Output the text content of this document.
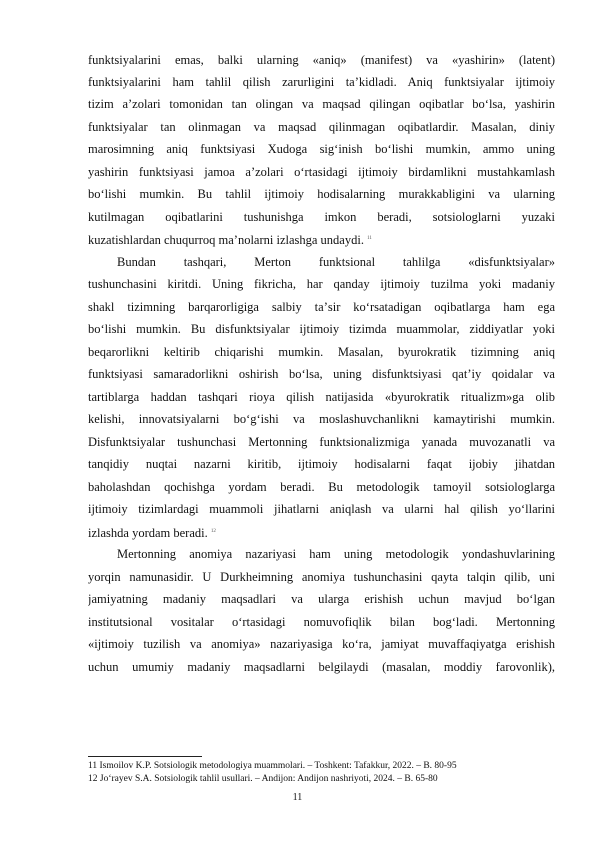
funktsiyalarini emas, balki ularning «aniq» (manifest) va «yashirin» (latent)
funktsiyalarini ham tahlil qilish zarurligini taʼkidladi. Aniq funktsiyalar ijtimoiy
tizim aʼzolari tomonidan tan olingan va maqsad qilingan oqibatlar boʻlsa, yashirin
funktsiyalar tan olinmagan va maqsad qilinmagan oqibatlardir. Masalan, diniy
marosimning aniq funktsiyasi Xudoga sigʻinish boʻlishi mumkin, ammo uning
yashirin funktsiyasi jamoa aʼzolari oʻrtasidagi ijtimoiy birdamlikni mustahkamlash
boʻlishi mumkin. Bu tahlil ijtimoiy hodisalarning murakkabligini va ularning
kutilmagan oqibatlarini tushunishga imkon beradi, sotsiologlarni yuzaki
kuzatishlardan chuqurroq maʼnolarni izlashga undaydi. $^{11}$
Bundan tashqari, Merton funktsional tahlilga «disfunktsiyalar»
tushunchasini kiritdi. Uning fikricha, har qanday ijtimoiy tuzilma yoki madaniy
shakl tizimning barqarorligiga salbiy taʼsir koʻrsatadigan oqibatlarga ham ega
boʻlishi mumkin. Bu disfunktsiyalar ijtimoiy tizimda muammolar, ziddiyatlar yoki
beqarorlikni keltirib chiqarishi mumkin. Masalan, byurokratik tizimning aniq
funktsiyasi samaradorlikni oshirish boʻlsa, uning disfunktsiyasi qatʼiy qoidalar va
tartiblarga haddan tashqari rioya qilish natijasida «byurokratik ritualizm»ga olib
kelishi, innovatsiyalarni boʻgʻishi va moslashuvchanlikni kamaytirishi mumkin.
Disfunktsiyalar tushunchasi Mertonning funktsionalizmiga yanada muvozanatli va
tanqidiy nuqtai nazarni kiritib, ijtimoiy hodisalarni faqat ijobiy jihatdan
baholashdan qochishga yordam beradi. Bu metodologik tamoyil sotsiologlarga
ijtimoiy tizimlardagi muammoli jihatlarni aniqlash va ularni hal qilish yoʻllarini
izlashda yordam beradi. $^{12}$
Mertonning anomiya nazariyasi ham uning metodologik yondashuvlarining
yorqin namunasidir. U Durkheimning anomiya tushunchasini qayta talqin qilib, uni
jamiyatning madaniy maqsadlari va ularga erishish uchun mavjud boʻlgan
institutsional vositalar oʻrtasidagi nomuvofiqlik bilan bogʻladi. Mertonning
«ijtimoiy tuzilish va anomiya» nazariyasiga koʻra, jamiyat muvaffaqiyatga erishish
uchun umumiy madaniy maqsadlarni belgilaydi (masalan, moddiy farovonlik),
11 Ismoilov K.P. Sotsiologik metodologiya muammolari. – Toshkent: Tafakkur, 2022. – B. 80-95
12 Joʻrayev S.A. Sotsiologik tahlil usullari. – Andijon: Andijon nashriyoti, 2024. – B. 65-80
11
